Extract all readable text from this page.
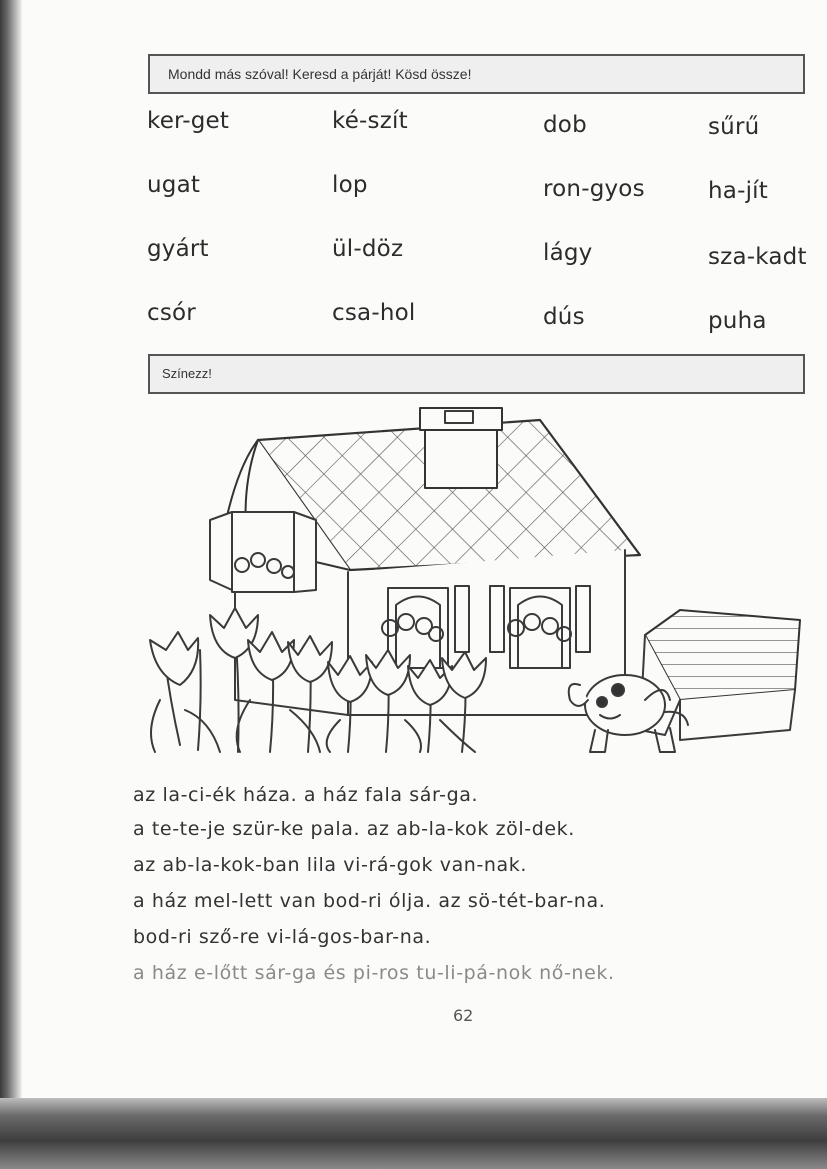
Mondd más szóval! Keresd a párját! Kösd össze!
ker-get
ugat
gyárt
csór
ké-szít
lop
ül-döz
csa-hol
dob
ron-gyos
lágy
dús
sűrű
ha-jít
sza-kadt
puha
Színezz!
az la-ci-ék háza. a ház fala sár-ga.
a te-te-je szür-ke pala. az ab-la-kok zöl-dek.
az ab-la-kok-ban lila vi-rá-gok van-nak.
a ház mel-lett van bod-ri ólja. az sö-tét-bar-na.
bod-ri sző-re vi-lá-gos-bar-na.
a ház e-lőtt sár-ga és pi-ros tu-li-pá-nok nő-nek.
62
